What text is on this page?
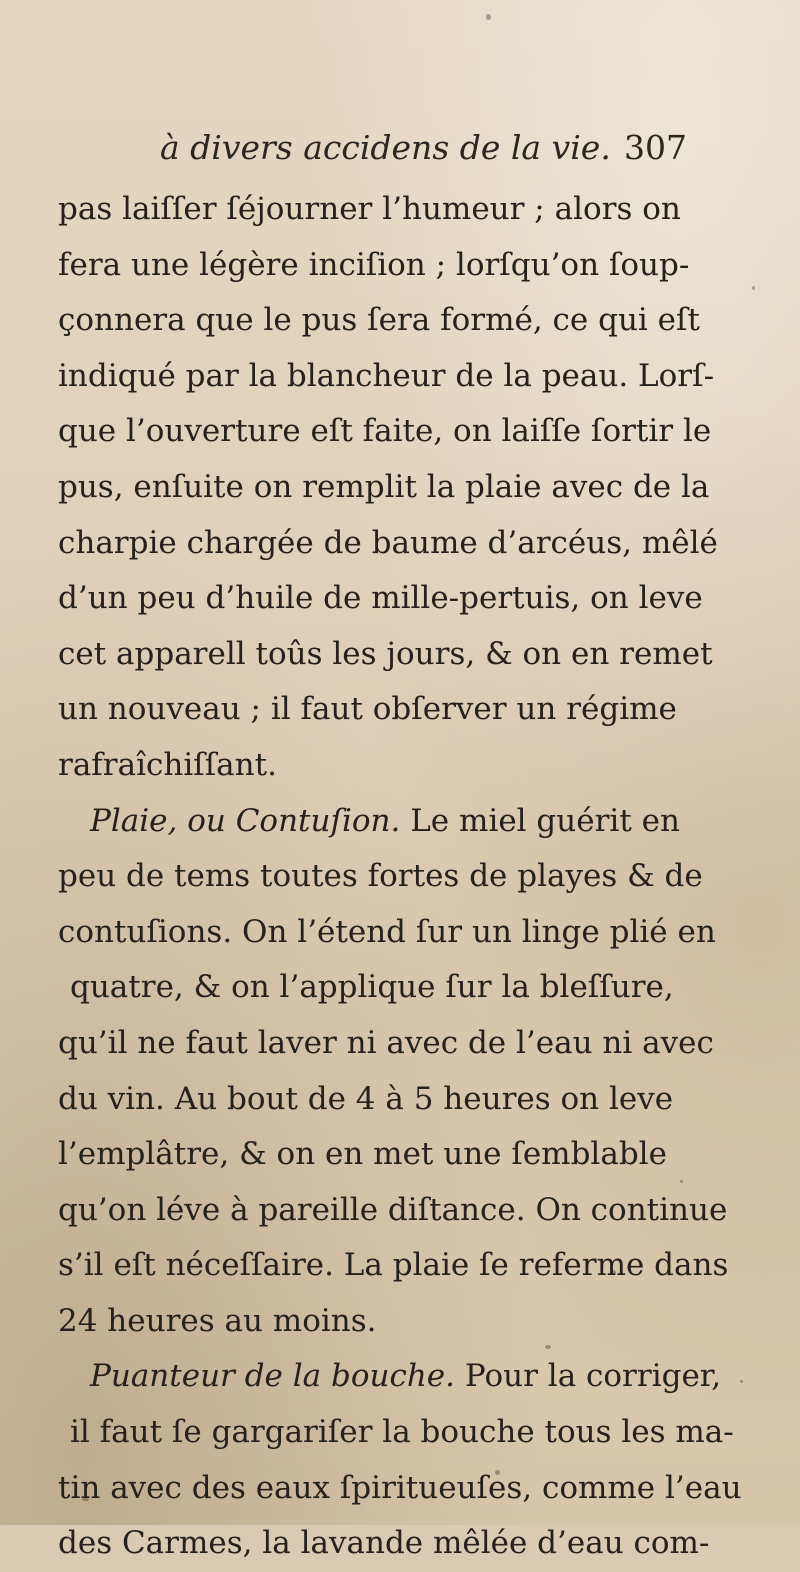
à divers accidens de la vie. 307
pas laiſſer ſéjourner l’humeur ; alors on
fera une légère inciſion ; lorſqu’on ſoup-
çonnera que le pus ſera formé, ce qui eſt
indiqué par la blancheur de la peau. Lorſ-
que l’ouverture eſt faite, on laiſſe ſortir le
pus, enſuite on remplit la plaie avec de la
charpie chargée de baume d’arcéus, mêlé
d’un peu d’huile de mille-pertuis, on leve
cet apparell toûs les jours, & on en remet
un nouveau ; il faut obſerver un régime
rafraîchiſſant.
Plaie, ou Contuſion. Le miel guérit en
peu de tems toutes fortes de playes & de
contuſions. On l’étend ſur un linge plié en
quatre, & on l’applique ſur la bleſſure,
qu’il ne faut laver ni avec de l’eau ni avec
du vin. Au bout de 4 à 5 heures on leve
l’emplâtre, & on en met une ſemblable
qu’on léve à pareille diſtance. On continue
s’il eſt néceſſaire. La plaie ſe referme dans
24 heures au moins.
Puanteur de la bouche. Pour la corriger,
il faut ſe gargariſer la bouche tous les ma-
tin avec des eaux ſpiritueuſes, comme l’eau
des Carmes, la lavande mêlée d’eau com-
